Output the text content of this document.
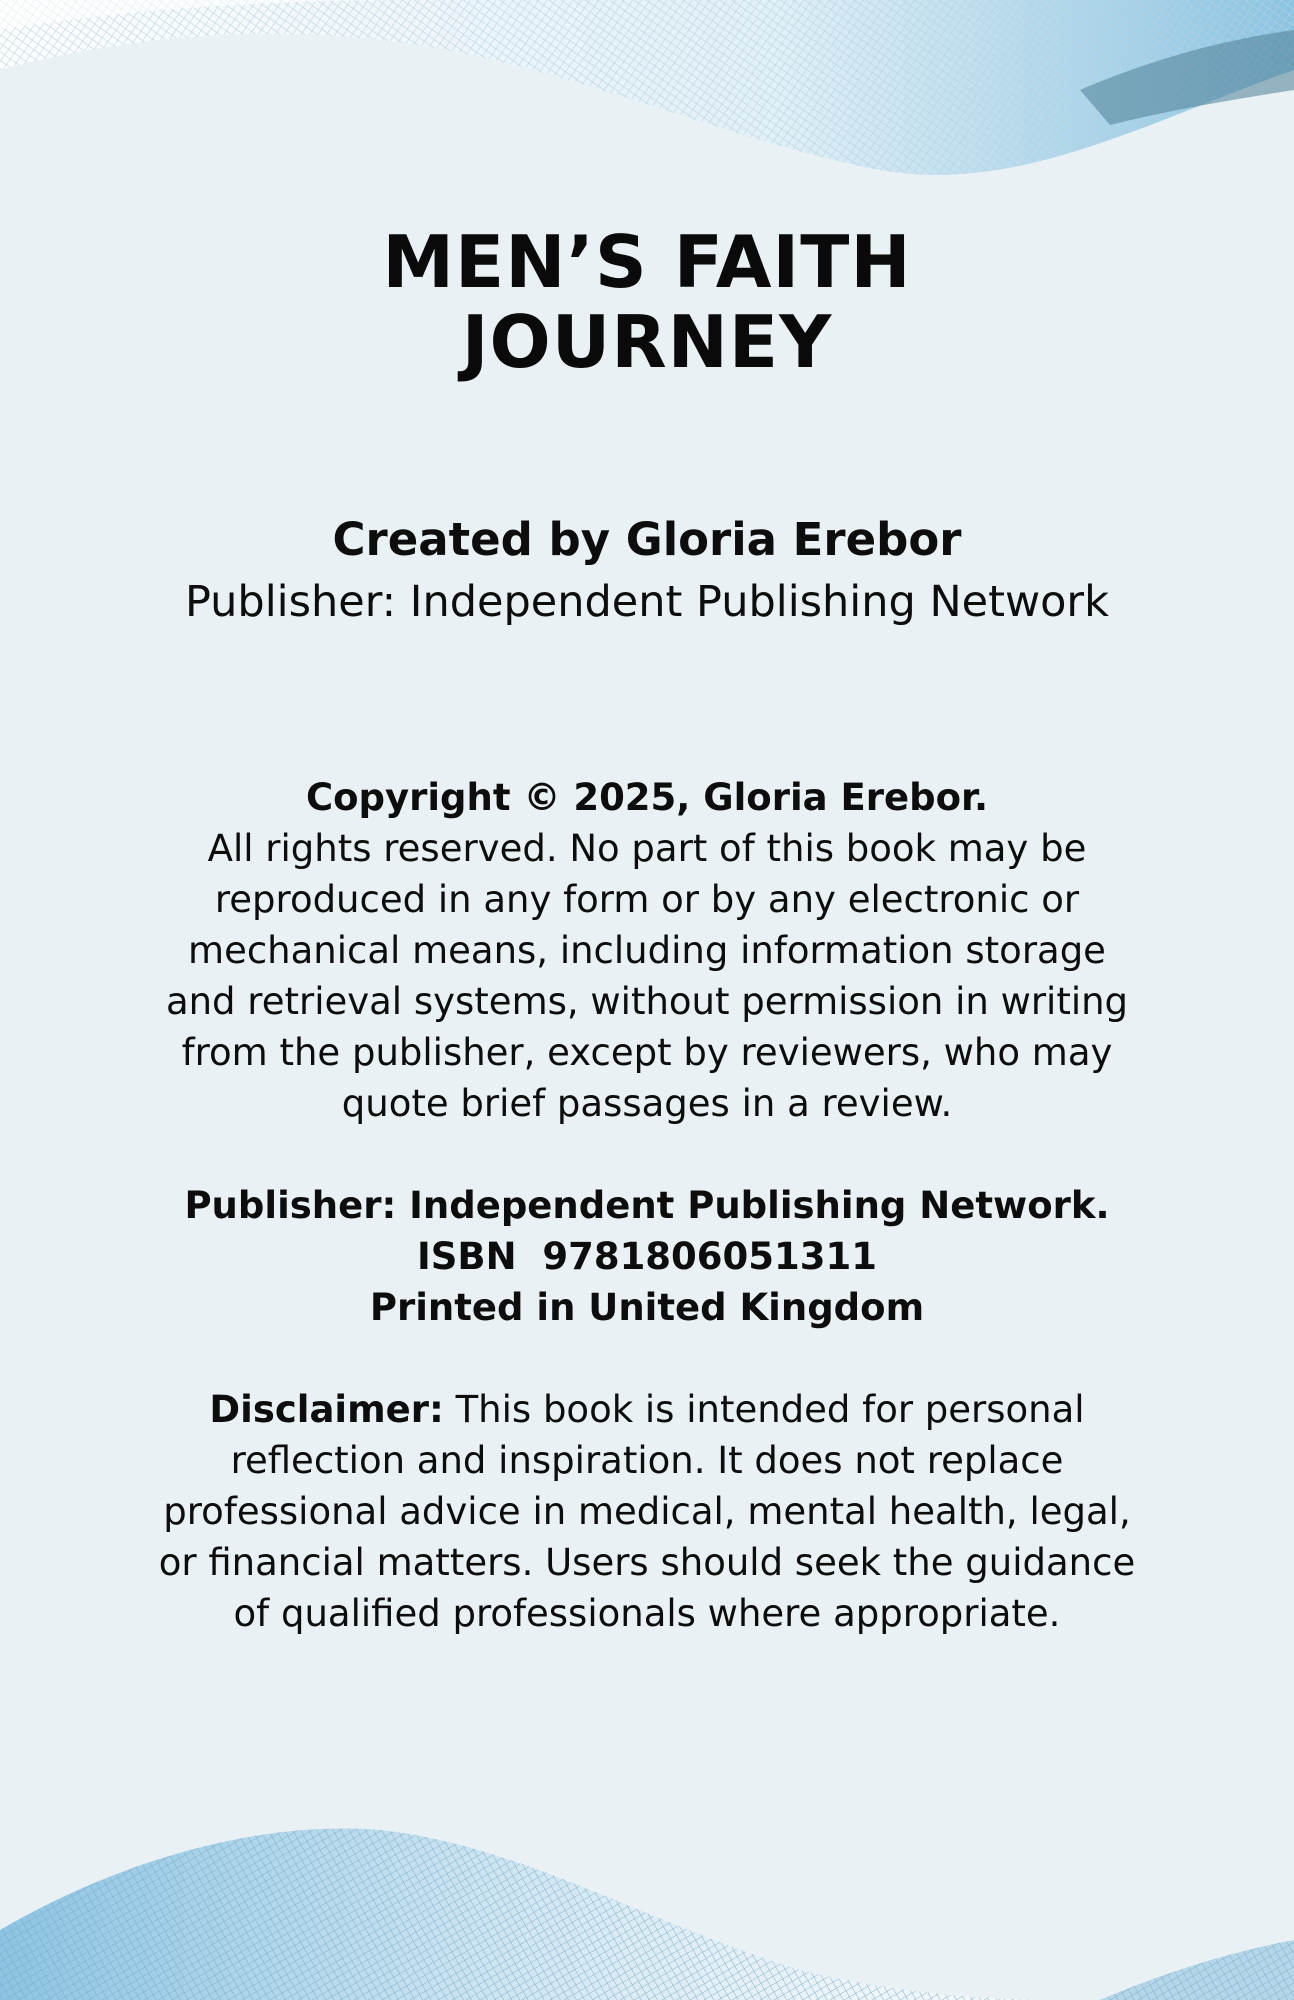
MEN’S FAITH
JOURNEY
Created by Gloria Erebor
Publisher: Independent Publishing Network
Copyright © 2025, Gloria Erebor.
All rights reserved. No part of this book may be reproduced in any form or by any electronic or mechanical means, including information storage and retrieval systems, without permission in writing from the publisher, except by reviewers, who may quote brief passages in a review.
Publisher: Independent Publishing Network.
ISBN  9781806051311
Printed in United Kingdom
Disclaimer: This book is intended for personal reflection and inspiration. It does not replace professional advice in medical, mental health, legal, or financial matters. Users should seek the guidance of qualified professionals where appropriate.
